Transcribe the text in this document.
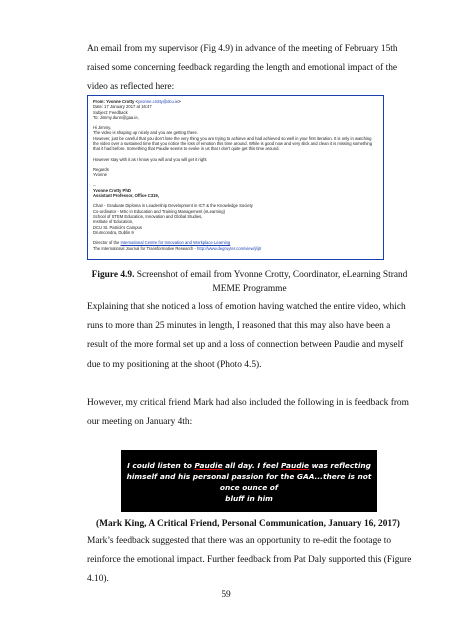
An email from my supervisor (Fig 4.9) in advance of the meeting of February 15th raised some concerning feedback regarding the length and emotional impact of the video as reflected here:

From: Yvonne Crotty <yvonne.crotty@dcu.ie>
Date: 17 January 2017 at 16:47
Subject: Feedback
To: Jimmy.dunn@gaa.ie,
Hi Jimmy,
The video is shaping up nicely and you are getting there.

However, just be careful that you don't lose the very thing you are trying to achieve and had achieved so well in your first iteration. It is only in watching the video over a sustained time that you notice the loss of emotion this time around. While is good now and very slick and clean it is missing something that it had before. Something that Paudie seems to evoke in us that I don't quite get this time around.

However stay with it as I know you will and you will get it right
Regards
Yvonne
--
Yvonne Crotty PhD
Assistant Professor, Office C319,
Chair - Graduate Diploma in Leadership Development in ICT & the Knowledge Society
Co-ordinator - MSc in Education and Training Management (eLearning)
School of STEM Education, Innovation and Global Studies,
Institute of Education,
DCU St. Patrick's Campus
Drumcondra, Dublin 9
Director of the International Centre for Innovation and Workplace Learning
The International Journal for Transformative Research - http://www.degruyter.com/view/j/ijtr
Figure 4.9. Screenshot of email from Yvonne Crotty, Coordinator, eLearning Strand MEME Programme

Explaining that she noticed a loss of emotion having watched the entire video, which runs to more than 25 minutes in length, I reasoned that this may also have been a result of the more formal set up and a loss of connection between Paudie and myself due to my positioning at the shoot (Photo 4.5).

However, my critical friend Mark had also included the following in is feedback from our meeting on January 4th:

I could listen to Paudie all day. I feel Paudie was reflecting
himself and his personal passion for the GAA...there is not once ounce of
bluff in him
(Mark King, A Critical Friend, Personal Communication, January 16, 2017)

Mark’s feedback suggested that there was an opportunity to re-edit the footage to reinforce the emotional impact. Further feedback from Pat Daly supported this (Figure 4.10).

59
